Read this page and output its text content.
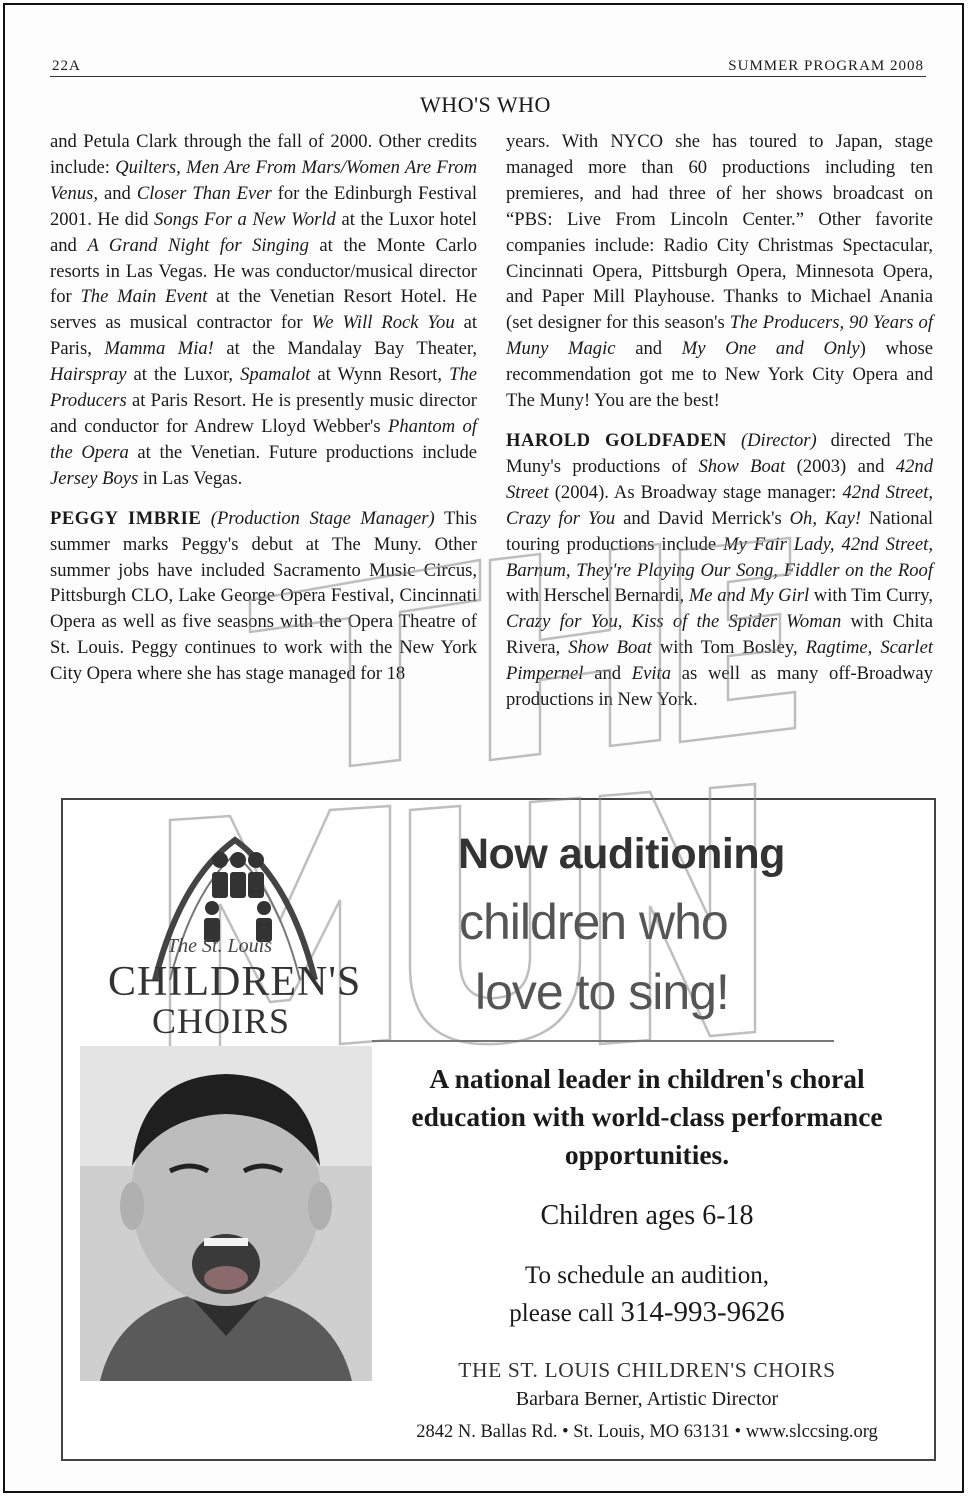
22A	SUMMER PROGRAM 2008
WHO'S WHO

and Petula Clark through the fall of 2000. Other credits include: Quilters, Men Are From Mars/Women Are From Venus, and Closer Than Ever for the Edinburgh Festival 2001. He did Songs For a New World at the Luxor hotel and A Grand Night for Singing at the Monte Carlo resorts in Las Vegas. He was conductor/musical director for The Main Event at the Venetian Resort Hotel. He serves as musical contractor for We Will Rock You at Paris, Mamma Mia! at the Mandalay Bay Theater, Hairspray at the Luxor, Spamalot at Wynn Resort, The Producers at Paris Resort. He is presently music director and conductor for Andrew Lloyd Webber's Phantom of the Opera at the Venetian. Future productions include Jersey Boys in Las Vegas.

PEGGY IMBRIE (Production Stage Manager) This summer marks Peggy's debut at The Muny. Other summer jobs have included Sacramento Music Circus, Pittsburgh CLO, Lake George Opera Festival, Cincinnati Opera as well as five seasons with the Opera Theatre of St. Louis. Peggy continues to work with the New York City Opera where she has stage managed for 18

years. With NYCO she has toured to Japan, stage managed more than 60 productions including ten premieres, and had three of her shows broadcast on “PBS: Live From Lincoln Center.” Other favorite companies include: Radio City Christmas Spectacular, Cincinnati Opera, Pittsburgh Opera, Minnesota Opera, and Paper Mill Playhouse. Thanks to Michael Anania (set designer for this season's The Producers, 90 Years of Muny Magic and My One and Only) whose recommendation got me to New York City Opera and The Muny! You are the best!

HAROLD GOLDFADEN (Director) directed The Muny's productions of Show Boat (2003) and 42nd Street (2004). As Broadway stage manager: 42nd Street, Crazy for You and David Merrick's Oh, Kay! National touring productions include My Fair Lady, 42nd Street, Barnum, They're Playing Our Song, Fiddler on the Roof with Herschel Bernardi, Me and My Girl with Tim Curry, Crazy for You, Kiss of the Spider Woman with Chita Rivera, Show Boat with Tom Bosley, Ragtime, Scarlet Pimpernel and Evita as well as many off-Broadway productions in New York.

The St. Louis
CHILDREN'S
CHOIRS
Now auditioning
children who
love to sing!
A national leader in children's choral education with world-class performance opportunities.
Children ages 6-18
To schedule an audition,
please call 314-993-9626
THE ST. LOUIS CHILDREN'S CHOIRS
Barbara Berner, Artistic Director
2842 N. Ballas Rd. • St. Louis, MO 63131 • www.slccsing.org
